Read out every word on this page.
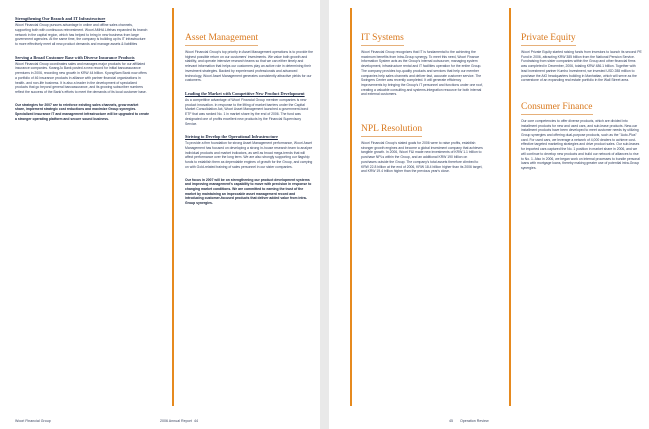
Strengthening Our Branch and IT Infrastructure
Woori Financial Group pursues advantage in online and offline sales channels, supporting both with continuous reinvestment. Woori AMHA Lifehas expanded its branch network in the capital region, which has helped to bring in new business from large government agencies. At the same time, the company is building up its IT infrastructure to more effectively meet all new-product demands and manage assets & liabilities
Serving a Broad Customer Base with Diverse Insurance Products
Woori Financial Group coordinates sales and manages major products for our affiliated insurance companies. KwangJu Bank posted a new record for initial bancassurance premiums in 2006, recording new growth in KRW 44 billion. KyongNam Bank now offers a portfolio of 46 insurance products in alliance with partner financial organizations in health- and non-life business. It is also a leader in the development of specialized products that go beyond general bancassurance, and its growing subscriber numbers reflect the success of the Bank's efforts to meet the demands of its local customer base.
Our strategies for 2007 are to reinforce existing sales channels, grow market share, implement strategic cost reductions and maximize Group synergies. Specialized insurance IT and management infrastructure will be upgraded to create a stronger operating platform and secure sound business.
Asset Management
Woori Financial Group's top priority in Asset Management operations is to provide the highest possible return on our customers' investments. We value both growth and stability, and operate intensive research teams so that we can either timely and relevant information that helps our customers play an active role in determining their investment strategies. Backed by experienced professionals and advanced technology, Woori Asset Management generates consistently attractive yields for our customers.
Leading the Market with Competitive New Product Development
As a competitive advantage of Woori Financial Group member companies is new product innovation. In response to the lifting of market barriers under the Capital Market Consolidation Act, Woori Asset Management launched a government-bond ETF that was ranked No. 1 in market share by the end of 2006. The fund was designated one of profits excellent new products by the Financial Supervisory Service.
Striving to Develop the Operational Infrastructure
To provide a firm foundation for strong Asset Management performance, Woori Asset Management has focused on developing a strong in-house research team to analyze individual products and market indicators, as well as broad mega-trends that will affect performance over the long term. We are also strongly supporting our flagship funds to establish them as dependable engines of growth for the Group, and carrying on with Gold-related training of sales personnel in our sister companies.
Our focus in 2007 will be on strengthening our product development systems and improving management's capability to move with precision in response to changing market conditions. We are committed to earning the trust of the market by maintaining an impeccable asset management record and introducing customer-focused products that deliver added value from intra-Group synergies.
Woori Financial Group	2006 Annual Report 44
IT Systems
Woori Financial Group recognizes that IT is fundamental to the achieving the maximum benefits from intra-Group synergy. To meet this need, Woori Finance Information System acts as the Group's internal outsourcer, managing system development, infrastructure rental and IT facilities operation for the entire Group. The company provides top-quality products and services that help our member companies help sales channels and deliver fast, accurate customer service. The Swingers Center was recently completed. It will generate efficiency improvements by bringing the Group's IT personnel and functions under one roof, creating a valuable consulting and systems-integration resource for both internal and external customers.
NPL Resolution
Woori Financial Group's stated goals for 2006 were to raise profits, establish stronger growth engines and become a global investment company that achieves tangible growth. In 2006, Woori F&I made new investments of KRW 1.1 trillion to purchase NPLs within the Group, and an additional KRW 190 billion on purchases outside the Group. The company's total assets therefore climbed to KRW 22.8 billion at the end of 2006, KRW 18.4 billion higher than its 2006 target, and KRW 19.4 trillion higher than the previous year's close.
Private Equity
Woori Private Equity started raising funds from investors to launch its second PE Fund in 2006, attracting KRW 385 billion from the National Pension Service. Fundraising from sister companies within the Group and other financial firms was completed in December, 2006, totaling KRW 486.1 billion. Together with lead investment partner Kumho Investment, we invested USD 288 million to purchase the AIG headquarters building in Manhattan, which will serve as the cornerstone of an expanding real estate portfolio in the Wall Street area.
Consumer Finance
Our core competencies to offer diverse products, which are divided into installment products for new and used cars, and sub-lease products. New-car installment products have been developed to meet customer needs by utilizing Group synergies and offering dual-purpose products, such as the "Auto-Plus" card. For used cars, we leverage a network of 4,000 dealers to achieve cost-effective targeted marketing strategies and drive product sales. Our sub-leases for imported cars captured the No. 1 position in market share in 2006, and we will continue to develop new products and build our network of alliances to rise to No. 1. Also in 2006, we began work on internal processes to bundle personal loans with mortgage loans, thereby making greater use of potential intra-Group synergies.
45 Operation Review
